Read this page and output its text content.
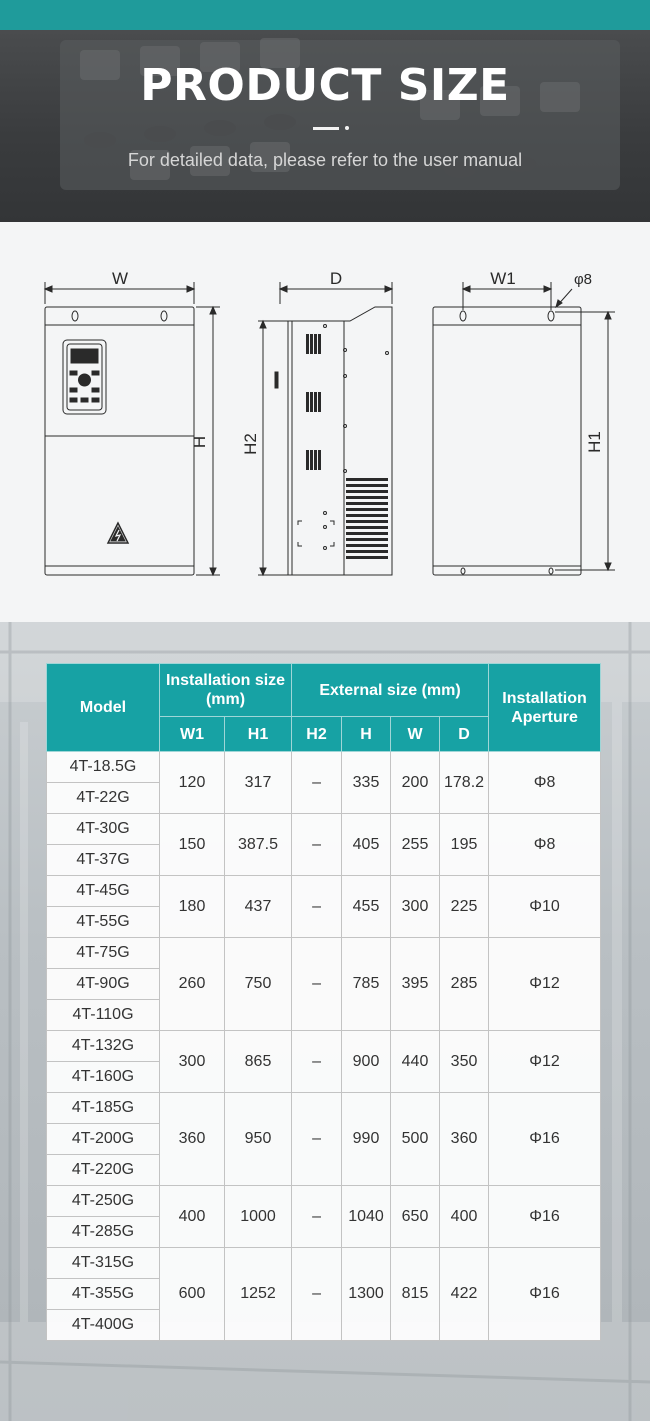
PRODUCT SIZE
For detailed data, please refer to the user manual
W
H
D
H2
W1	φ8
H1
Model	Installation size (mm)		External size (mm)				Installation Aperture
	W1	H1	H2	H	W	D	
4T-18.5G	120	317	–	335	200	178.2	Φ8
4T-22G							
4T-30G	150	387.5	–	405	255	195	Φ8
4T-37G							
4T-45G	180	437	–	455	300	225	Φ10
4T-55G							
4T-75G	260	750	–	785	395	285	Φ12
4T-90G							
4T-110G							
4T-132G	300	865	–	900	440	350	Φ12
4T-160G							
4T-185G	360	950	–	990	500	360	Φ16
4T-200G							
4T-220G							
4T-250G	400	1000	–	1040	650	400	Φ16
4T-285G							
4T-315G	600	1252	–	1300	815	422	Φ16
4T-355G							
4T-400G							
